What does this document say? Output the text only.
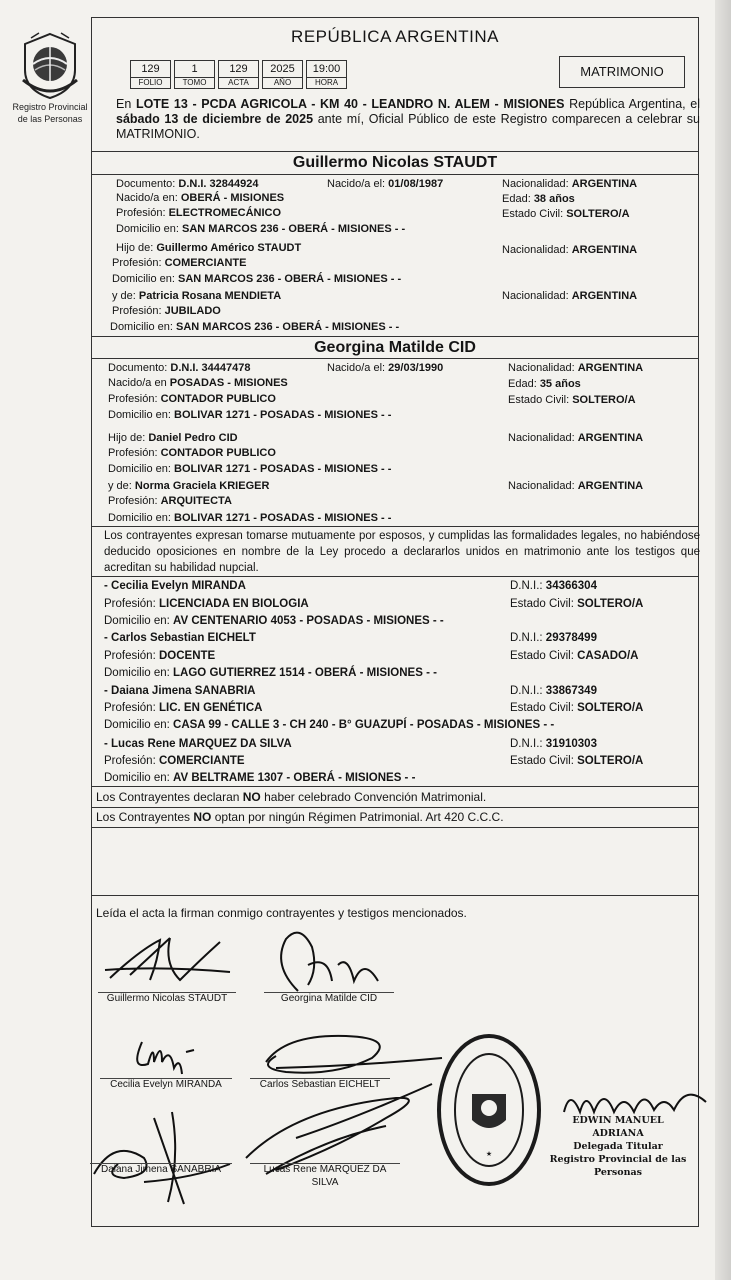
Registro Provincial
de las Personas
REPÚBLICA ARGENTINA
129
FOLIO
1
TOMO
129
ACTA
2025
AÑO
19:00
HORA
MATRIMONIO
En LOTE 13 - PCDA AGRICOLA - KM 40 - LEANDRO N. ALEM - MISIONES República Argentina, el sábado 13 de diciembre de 2025 ante mí, Oficial Público de este Registro comparecen a celebrar su MATRIMONIO.
Guillermo Nicolas STAUDT
Documento: D.N.I. 32844924	Nacido/a el: 01/08/1987	Nacionalidad: ARGENTINA
Nacido/a en: OBERÁ - MISIONES	Edad: 38 años
Profesión: ELECTROMECÁNICO	Estado Civil: SOLTERO/A
Domicilio en: SAN MARCOS 236 - OBERÁ - MISIONES - -
Hijo de: Guillermo Américo STAUDT	Nacionalidad: ARGENTINA
Profesión: COMERCIANTE
Domicilio en: SAN MARCOS 236 - OBERÁ - MISIONES - -
y de: Patricia Rosana MENDIETA	Nacionalidad: ARGENTINA
Profesión: JUBILADO
Domicilio en: SAN MARCOS 236 - OBERÁ - MISIONES - -
Georgina Matilde CID
Documento: D.N.I. 34447478	Nacido/a el: 29/03/1990	Nacionalidad: ARGENTINA
Nacido/a en POSADAS - MISIONES	Edad: 35 años
Profesión: CONTADOR PUBLICO	Estado Civil: SOLTERO/A
Domicilio en: BOLIVAR 1271 - POSADAS - MISIONES - -
Hijo de: Daniel Pedro CID	Nacionalidad: ARGENTINA
Profesión: CONTADOR PUBLICO
Domicilio en: BOLIVAR 1271 - POSADAS - MISIONES - -
y de: Norma Graciela KRIEGER	Nacionalidad: ARGENTINA
Profesión: ARQUITECTA
Domicilio en: BOLIVAR 1271 - POSADAS - MISIONES - -
Los contrayentes expresan tomarse mutuamente por esposos, y cumplidas las formalidades legales, no habiéndose deducido oposiciones en nombre de la Ley procedo a declararlos unidos en matrimonio ante los testigos que acreditan su habilidad nupcial.
- Cecilia Evelyn MIRANDA	D.N.I.: 34366304
Profesión: LICENCIADA EN BIOLOGIA	Estado Civil: SOLTERO/A
Domicilio en: AV CENTENARIO 4053 - POSADAS - MISIONES - -
- Carlos Sebastian EICHELT	D.N.I.: 29378499
Profesión: DOCENTE	Estado Civil: CASADO/A
Domicilio en: LAGO GUTIERREZ 1514 - OBERÁ - MISIONES - -
- Daiana Jimena SANABRIA	D.N.I.: 33867349
Profesión: LIC. EN GENÉTICA	Estado Civil: SOLTERO/A
Domicilio en: CASA 99 - CALLE 3 - CH 240 - B° GUAZUPÍ - POSADAS - MISIONES - -
- Lucas Rene MARQUEZ DA SILVA	D.N.I.: 31910303
Profesión: COMERCIANTE	Estado Civil: SOLTERO/A
Domicilio en: AV BELTRAME 1307 - OBERÁ - MISIONES - -
Los Contrayentes declaran NO haber celebrado Convención Matrimonial.
Los Contrayentes NO optan por ningún Régimen Patrimonial. Art 420 C.C.C.
Leída el acta la firman conmigo contrayentes y testigos mencionados.
Guillermo Nicolas STAUDT	Georgina Matilde CID
Cecilia Evelyn MIRANDA	Carlos Sebastian EICHELT
Daiana Jimena SANABRIA	Lucas Rene MARQUEZ DA
SILVA
★
EDWIN MANUEL ADRIANA
Delegada Titular
Registro Provincial de las Personas
